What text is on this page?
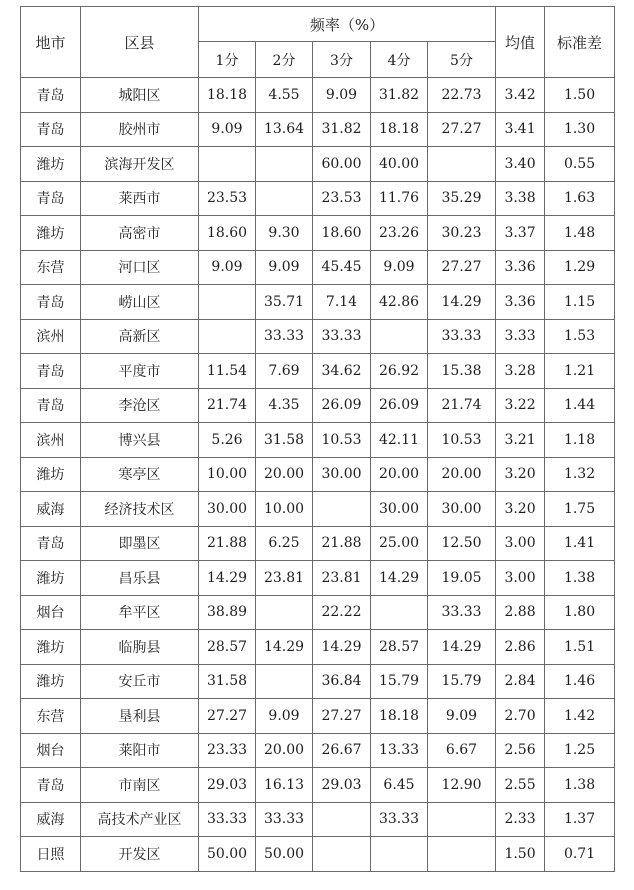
地市	区县	频率（%）					均值	标准差
		1分	2分	3分	4分	5分		
青岛	城阳区	18.18	4.55	9.09	31.82	22.73	3.42	1.50
青岛	胶州市	9.09	13.64	31.82	18.18	27.27	3.41	1.30
潍坊	滨海开发区			60.00	40.00		3.40	0.55
青岛	莱西市	23.53		23.53	11.76	35.29	3.38	1.63
潍坊	高密市	18.60	9.30	18.60	23.26	30.23	3.37	1.48
东营	河口区	9.09	9.09	45.45	9.09	27.27	3.36	1.29
青岛	崂山区		35.71	7.14	42.86	14.29	3.36	1.15
滨州	高新区		33.33	33.33		33.33	3.33	1.53
青岛	平度市	11.54	7.69	34.62	26.92	15.38	3.28	1.21
青岛	李沧区	21.74	4.35	26.09	26.09	21.74	3.22	1.44
滨州	博兴县	5.26	31.58	10.53	42.11	10.53	3.21	1.18
潍坊	寒亭区	10.00	20.00	30.00	20.00	20.00	3.20	1.32
威海	经济技术区	30.00	10.00		30.00	30.00	3.20	1.75
青岛	即墨区	21.88	6.25	21.88	25.00	12.50	3.00	1.41
潍坊	昌乐县	14.29	23.81	23.81	14.29	19.05	3.00	1.38
烟台	牟平区	38.89		22.22		33.33	2.88	1.80
潍坊	临朐县	28.57	14.29	14.29	28.57	14.29	2.86	1.51
潍坊	安丘市	31.58		36.84	15.79	15.79	2.84	1.46
东营	垦利县	27.27	9.09	27.27	18.18	9.09	2.70	1.42
烟台	莱阳市	23.33	20.00	26.67	13.33	6.67	2.56	1.25
青岛	市南区	29.03	16.13	29.03	6.45	12.90	2.55	1.38
威海	高技术产业区	33.33	33.33		33.33		2.33	1.37
日照	开发区	50.00	50.00				1.50	0.71
